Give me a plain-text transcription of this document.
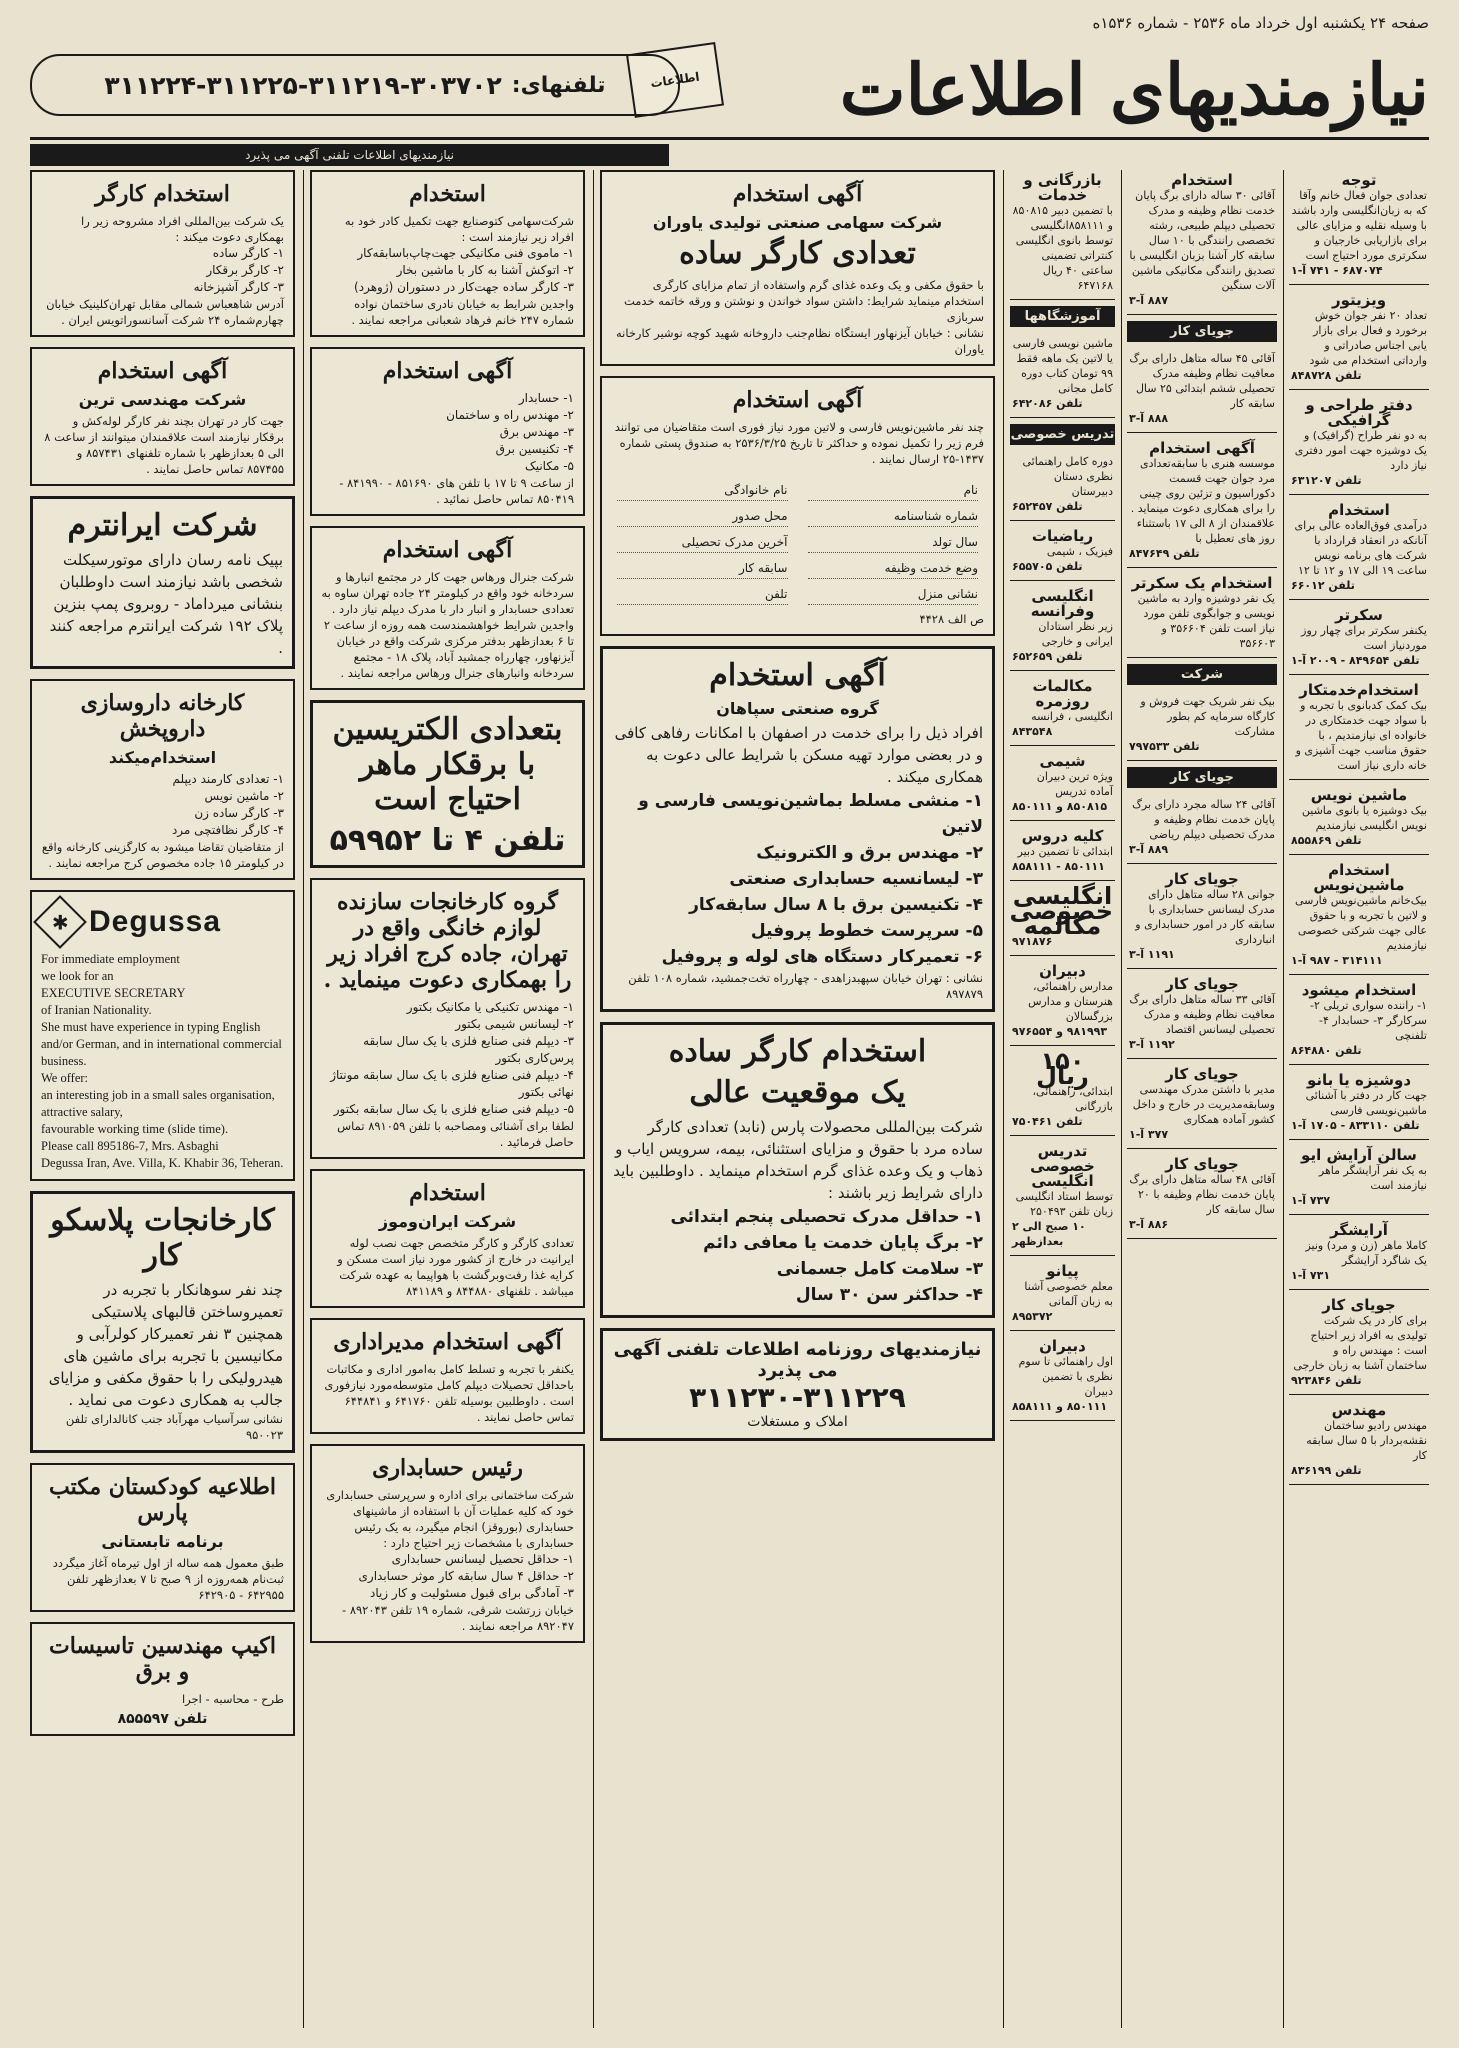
صفحه ۲۴ یکشنبه اول خرداد ماه ۲۵۳۶ - شماره ۱۵۳۶ه
نیازمندیهای اطلاعات
اطلاعات
تلفنهای:
۳۱۱۲۲۴-۳۱۱۲۲۵-۳۱۱۲۱۹-۳۰۳۷۰۲
نیازمندیهای اطلاعات تلفنی آگهی می پذیرد
استخدام کارگر

یک شرکت بین‌المللی افراد مشروحه زیر را بهمکاری دعوت میکند :

۱- کارگر ساده
۲- کارگر برقکار
۳- کارگر آشپزخانه

آدرس شاهعباس شمالی مقابل تهران‌کلینیک خیابان چهارم‌شماره ۲۴ شرکت آسانسوراتویس ایران .

آگهی استخدام
شرکت مهندسی ترین

جهت کار در تهران بچند نفر کارگر لوله‌کش و برقکار نیازمند است علاقمندان میتوانند از ساعت ۸ الی ۵ بعدازظهر با شماره تلفنهای ۸۵۷۴۳۱ و ۸۵۷۴۵۵ تماس حاصل نمایند .

شرکت ایرانترم

بپیک نامه رسان دارای موتورسیکلت شخصی باشد نیازمند است داوطلبان بنشانی میرداماد - روبروی پمپ بنزین پلاک ۱۹۲ شرکت ایرانترم مراجعه کنند .

کارخانه داروسازی داروپخش
استخدام‌میکند
۱- تعدادی کارمند دیپلم
۲- ماشین نویس
۳- کارگر ساده زن
۴- کارگر نظافتچی مرد

از متقاضیان تقاضا میشود به کارگزینی کارخانه واقع در کیلومتر ۱۵ جاده مخصوص کرج مراجعه نمایند .

✱ Degussa

For immediate employment

we look for an

EXECUTIVE SECRETARY

of Iranian Nationality.

She must have experience in typing English

and/or German, and in international commercial business.

We offer:

an interesting job in a small sales organisation,

attractive salary,

favourable working time (slide time).

Please call 895186-7, Mrs. Asbaghi

Degussa Iran, Ave. Villa, K. Khabir 36, Teheran.

کارخانجات پلاسکو کار

چند نفر سوهانکار با تجربه در تعمیروساختن قالبهای پلاستیکی همچنین ۳ نفر تعمیرکار کولرآبی و مکانیسین با تجربه برای ماشین های هیدرولیکی را با حقوق مکفی و مزایای جالب به همکاری دعوت می نماید .

نشانی سرآسیاب مهرآباد جنب کانالدارای تلفن ۹۵۰۰۲۳

اطلاعیه کودکستان مکتب پارس
برنامه تابستانی

طبق معمول همه ساله از اول تیرماه آغاز میگردد ثبت‌نام همه‌روزه از ۹ صبح تا ۷ بعدازظهر تلفن ۶۴۲۹۵۵ - ۶۴۲۹۰۵

اکیپ مهندسین تاسیسات و برق

طرح - محاسبه - اجرا

تلفن ۸۵۵۵۹۷
استخدام

شرکت‌سهامی کتوصنایع جهت تکمیل کادر خود به افراد زیر نیازمند است :

۱- ماموی فنی مکانیکی جهت‌چاپ‌باسابقه‌کار
۲- اتوکش آشنا به کار با ماشین بخار
۳- کارگر ساده جهت‌کار در دستوران (ژوهرد)

واجدین شرایط به خیابان نادری ساختمان‌ نواده شماره ۲۴۷ خانم فرهاد شعبانی مراجعه نمایند .

آگهی استخدام
۱- حسابدار
۲- مهندس راه و ساختمان
۳- مهندس برق
۴- تکنیسین برق
۵- مکانیک

از ساعت ۹ تا ۱۷ با تلفن های ۸۵۱۶۹۰ - ۸۴۱۹۹۰ - ۸۵۰۴۱۹ تماس حاصل نمائید .

آگهی استخدام

شرکت جنرال ورهاس جهت کار در مجتمع انبارها و سردخانه خود واقع در کیلومتر ۲۴ جاده تهران ساوه به تعدادی حسابدار و انبار دار با مدرک دیپلم نیاز دارد . واجدین شرایط خواهشمندست همه روزه از ساعت ۲ تا ۶ بعدازظهر بدفتر مرکزی شرکت واقع در خیابان آیزنهاور، چهارراه جمشید آباد، پلاک ۱۸ - مجتمع سردخانه وانبارهای جنرال ورهاس مراجعه نمایند .

بتعدادی الکتریسین با برقکار ماهر احتیاج است
تلفن ۴ تا ۵۹۹۵۲
گروه کارخانجات سازنده لوازم خانگی واقع در تهران، جاده کرج افراد زیر را بهمکاری دعوت مینماید .
۱- مهندس تکنیکی یا مکانیک بکتور
۲- لیسانس شیمی بکتور
۳- دیپلم فنی صنایع فلزی با یک سال سابقه پرس‌کاری بکتور
۴- دیپلم فنی صنایع فلزی با یک سال سابقه مونتاژ نهائی بکتور
۵- دیپلم فنی صنایع فلزی با یک سال سابقه بکتور

لطفا برای آشنائی ومصاحبه با تلفن ۸۹۱۰۵۹ تماس حاصل فرمائید .

استخدام
شرکت ایران‌وموز

تعدادی کارگر و کارگر متخصص جهت نصب لوله ایرانیت در خارج از کشور مورد نیاز است مسکن و کرایه غذا رفت‌وبرگشت با هواپیما به عهده شرکت میباشد . تلفنهای ۸۴۴۸۸۰ و ۸۴۱۱۸۹

آگهی استخدام مدیراداری

یکنفر با تجربه و تسلط کامل به‌امور اداری و مکاتبات با‌حداقل تحصیلات دیپلم کامل متوسطه‌مورد نیازفوری است . داوطلبین بوسیله تلفن ۶۴۱۷۶۰ و ۶۴۴۸۴۱ تماس حاصل نمایند .

رئیس حسابداری

شرکت ساختمانی برای اداره و سرپرستی حسابداری خود که کلیه عملیات آن با استفاده از ماشینهای حسابداری (بوروقز) انجام میگیرد، به یک رئیس حسابداری با مشخصات زیر احتیاج دارد :

۱- حداقل تحصیل لیسانس حسابداری
۲- حداقل ۴ سال سابقه کار موثر حسابداری
۳- آمادگی برای قبول مسئولیت و کار زیاد

خیابان زرتشت شرقی، شماره ۱۹ تلفن ۸۹۲۰۴۳ - ۸۹۲۰۴۷ مراجعه نمایند .

آگهی استخدام
شرکت سهامی صنعتی تولیدی یاوران
تعدادی کارگر ساده

با حقوق مکفی و یک وعده غذای گرم واستفاده از تمام مزایای کارگری استخدام مینماید شرایط: داشتن سواد خواندن و نوشتن و ورقه خاتمه خدمت سربازی

نشانی : خیابان آیزنهاور ایستگاه نظام‌جنب داروخانه شهید کوچه نوشیر کارخانه یاوران

آگهی استخدام

چند نفر ماشین‌نویس فارسی و لاتین مورد نیاز فوری است متقاضیان می توانند فرم زیر را تکمیل نموده و حداکثر تا تاریخ ۲۵۳۶/۳/۲۵ به صندوق پستی شماره ۱۴۳۷-۲۵ ارسال نمایند .

نام
نام خانوادگی
شماره شناسنامه
محل صدور
سال تولد
آخرین مدرک تحصیلی
وضع خدمت وظیفه
سابقه کار
نشانی منزل
تلفن

ص الف ۴۴۲۸

آگهی استخدام
گروه صنعتی سپاهان

افراد ذیل را برای خدمت در اصفهان با امکانات رفاهی کافی و در بعضی موارد تهیه مسکن با شرایط عالی دعوت به همکاری میکند .

۱- منشی مسلط بماشین‌نویسی فارسی و لاتین
۲- مهندس برق و الکترونیک
۳- لیسانسیه حسابداری صنعتی
۴- تکنیسین برق با ۸ سال سابقه‌کار
۵- سرپرست خطوط پروفیل
۶- تعمیرکار دستگاه های لوله و پروفیل

نشانی : تهران خیابان سپهبدزاهدی - چهارراه تخت‌جمشید، شماره ۱۰۸ تلفن ۸۹۷۸۷۹

استخدام کارگر ساده
یک موقعیت عالی

شرکت بین‌المللی محصولات پارس (نابد) تعدادی کارگر ساده مرد با حقوق و مزایای استثنائی، بیمه، سرویس ایاب و ذهاب و یک وعده غذای گرم استخدام مینماید . داوطلبین باید دارای شرایط زیر باشند :

۱- حداقل مدرک تحصیلی پنجم ابتدائی
۲- برگ پایان خدمت یا معافی دائم
۳- سلامت کامل جسمانی
۴- حداکثر سن ۳۰ سال
نیازمندیهای روزنامه اطلاعات تلفنی آگهی می پذیرد
۳۱۱۲۳۰-۳۱۱۲۲۹
املاک و مستغلات
بازرگانی و خدمات
با تضمین دبیر ۸۵۰۸۱۵ و ۸۵۸۱۱۱انگلیسی توسط بانوی انگلیسی کنتراتی تضمینی ساعتی ۴۰ ریال ۶۴۷۱۶۸
آموزشگاهها
ماشین نویسی فارسی یا لاتین یک ماهه فقط ۹۹ تومان کتاب دوره کامل مجانی
تلفن ۶۴۲۰۸۶
تدریس خصوصی
دوره کامل راهنمائی نظری دستان دبیرستان
تلفن ۶۵۲۴۵۷
ریاضیات
فیزیک ، شیمی
تلفن ۶۵۵۷۰۵
انگلیسی وفرانسه
زیر نظر استادان ایرانی و خارجی
تلفن ۶۵۲۶۵۹
مکالمات روزمره
انگلیسی ، فرانسه
۸۴۳۵۴۸
شیمی
ویژه ترین دبیران آماده تدریس
۸۵۰۸۱۵ و ۸۵۰۱۱۱
کلیه دروس
ابتدائی تا تضمین دبیر
۸۵۰۱۱۱ - ۸۵۸۱۱۱
انگلیسی خصوصی مکالمه
۹۷۱۸۷۶
دبیران
مدارس راهنمائی، هنرستان و مدارس بزرگسالان
۹۸۱۹۹۳ و ۹۷۶۵۵۴
۱۵۰ ریال
ابتدائی، راهنمائی، بازرگانی
تلفن ۷۵۰۴۶۱
تدریس خصوصی انگلیسی
توسط استاد انگلیسی زبان تلفن ۲۵۰۴۹۳
۱۰ صبح الی ۲ بعدازظهر
پیانو
معلم خصوصی آشنا به زبان آلمانی
۸۹۵۳۷۲
دبیران
اول راهنمائی تا سوم نظری با تضمین دبیران
۸۵۰۱۱۱ و ۸۵۸۱۱۱
استخدام
آقائی ۳۰ ساله دارای برگ پایان خدمت نظام وظیفه و مدرک تحصیلی دیپلم طبیعی، رشته تخصصی رانندگی با ۱۰ سال سابقه کار آشنا بزبان انگلیسی با تصدیق رانندگی مکانیکی ماشین آلات سنگین
۸۸۷ آ-۳
جویای کار
آقائی ۴۵ ساله متاهل دارای برگ معافیت نظام وظیفه مدرک تحصیلی ششم ابتدائی ۲۵ سال سابقه کار
۸۸۸ آ-۳
آگهی استخدام
موسسه هنری با سابقه‌تعدادی مرد جوان جهت قسمت دکوراسیون و تزئین روی چینی را برای همکاری دعوت مینماید . علاقمندان از ۸ الی ۱۷ باستثناء روز های تعطیل با
تلفن ۸۴۷۶۴۹
استخدام یک سکرتر
یک نفر دوشیزه وارد به ماشین نویسی و جوابگوی تلفن مورد نیاز است تلفن ۳۵۶۶۰۴ و ۳۵۶۶۰۳
شرکت
بیک نفر شریک جهت فروش و کارگاه سرمایه کم بطور مشارکت
تلفن ۷۹۷۵۳۳
جویای کار
آقائی ۲۴ ساله مجرد دارای برگ پایان خدمت نظام وظیفه و مدرک تحصیلی دیپلم ریاضی
۸۸۹ آ-۳
جویای کار
جوانی ۲۸ ساله متاهل دارای مدرک لیسانس حسابداری با سابقه کار در امور حسابداری و انبارداری
۱۱۹۱ آ-۳
جویای کار
آقائی ۳۳ ساله متاهل دارای برگ معافیت نظام وظیفه و مدرک تحصیلی لیسانس اقتصاد
۱۱۹۲ آ-۳
جویای کار
مدیر با داشتن مدرک مهندسی وسابقه‌مدیریت در خارج و داخل کشور آماده همکاری
۳۷۷ آ-۱
جویای کار
آقائی ۴۸ ساله متاهل دارای برگ پایان خدمت نظام وظیفه با ۲۰ سال سابقه کار
۸۸۶ آ-۳
توجه
تعدادی جوان فعال خانم وآقا که به زبان‌انگلیسی وارد باشند با وسیله نقلیه و مزایای عالی برای بازاریابی خارجیان و سکرتری مورد احتیاج است
۶۸۷۰۷۴ - ۷۴۱ آ-۱
ویزیتور
تعداد ۲۰ نفر جوان خوش برخورد و فعال برای بازار یابی اجناس صادراتی و وارداتی استخدام می شود
تلفن ۸۴۸۷۲۸
دفتر طراحی و گرافیکی
به دو نفر طراح (گرافیک) و یک دوشیزه جهت امور دفتری نیاز دارد
تلفن ۶۳۱۲۰۷
استخدام
درآمدی فوق‌العاده عالی برای آنانکه در انعقاد قرارداد با شرکت های برنامه نویس ساعت ۱۹ الی ۱۷ و ۱۲ تا ۱۲
تلفن ۶۶۰۱۲
سکرتر
یکنفر سکرتر برای چهار روز موردنیاز است
تلفن ۸۴۹۶۵۴ - ۲۰۰۹ آ-۱
استخدام‌خدمتکار
بیک کمک کدبانوی با تجربه و با سواد جهت خدمتکاری در خانواده ای نیازمندیم ، با حقوق مناسب جهت آشپزی و خانه داری نیاز است
ماشین نویس
بیک دوشیزه یا بانوی ماشین نویس انگلیسی نیازمندیم
تلفن ۸۵۵۸۶۹
استخدام ماشین‌نویس
بیک‌خانم ماشین‌نویس فارسی و لاتین با تجربه و با حقوق عالی جهت شرکتی خصوصی نیازمندیم
۳۱۴۱۱۱ - ۹۸۷ آ-۱
استخدام میشود
۱- راننده سواری تریلی ۲- سرکارگر ۳- حسابدار ۴- تلفنچی
تلفن ۸۶۴۸۸۰
دوشیزه یا بانو
جهت کار در دفتر با آشنائی ماشین‌نویسی فارسی
تلفن ۸۳۳۱۱۰ - ۱۷۰۵ آ-۱
سالن آرایش ایو
به یک نفر آرایشگر ماهر نیازمند است
۷۳۷ آ-۱
آرایشگر
کاملا ماهر (زن و مرد) ونیز یک شاگرد آرایشگر
۷۳۱ آ-۱
جویای کار
برای کار در یک شرکت تولیدی به افراد زیر احتیاج است : مهندس راه و ساختمان آشنا به زبان خارجی
تلفن ۹۲۳۸۴۶
مهندس
مهندس رادیو ساختمان نقشه‌بردار با ۵ سال سابقه کار
تلفن ۸۳۶۱۹۹
